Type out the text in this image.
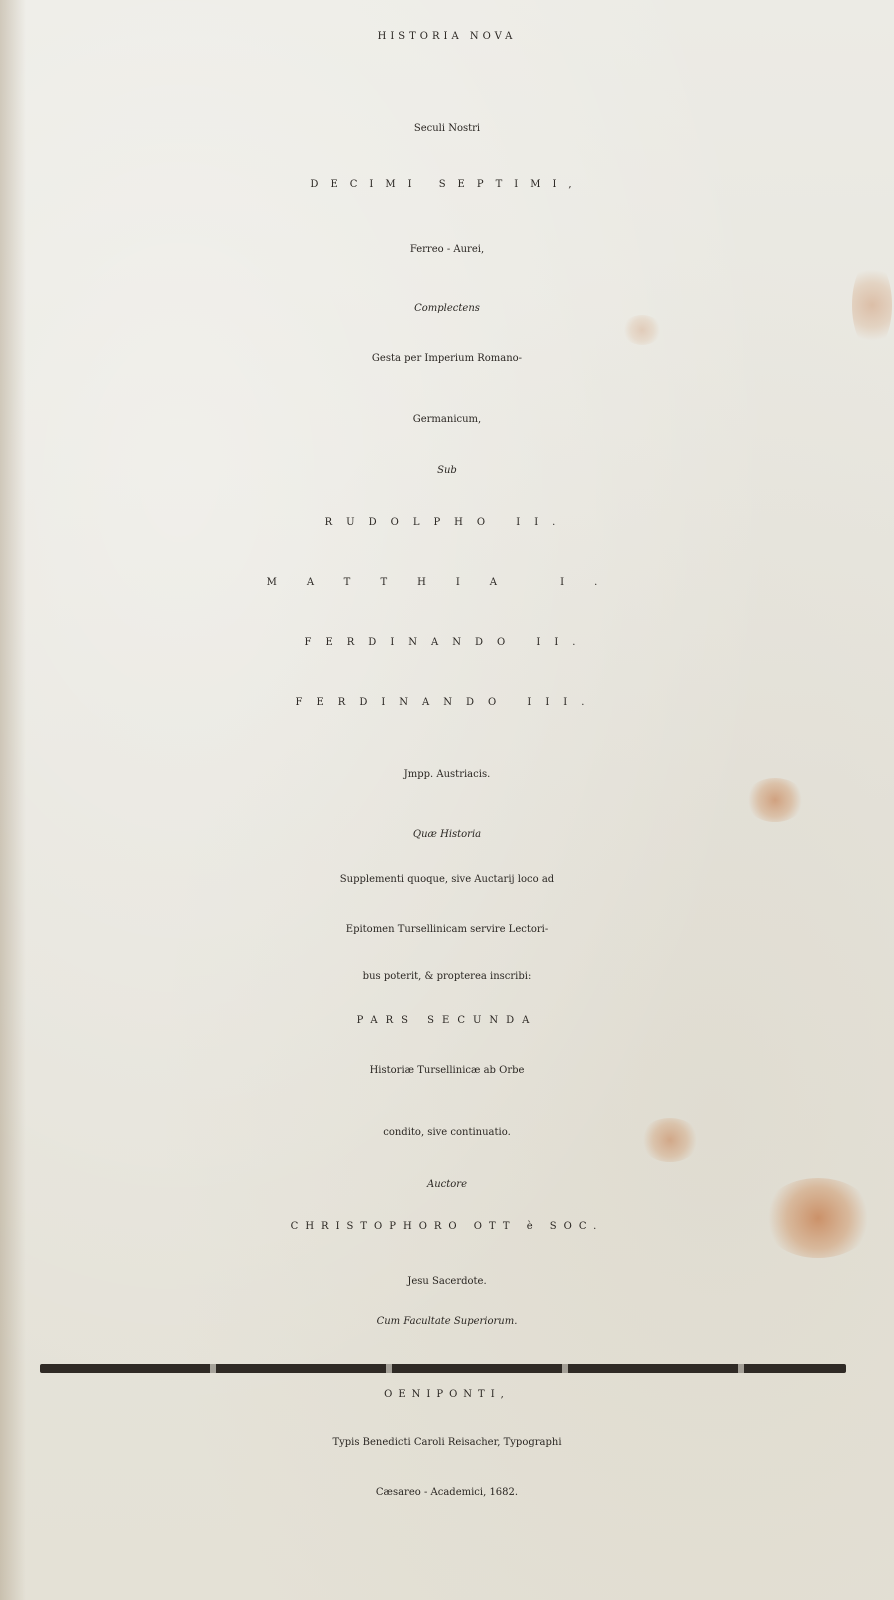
HISTORIA NOVA
Seculi Nostri
DECIMI SEPTIMI,
Ferreo - Aurei,
Complectens
Gesta per Imperium Romano-
Germanicum,
Sub
RUDOLPHO II.
MATTHIA I.
FERDINANDO II.
FERDINANDO III.
Jmpp. Austriacis.
Quæ Historia
Supplementi quoque, sive Auctarij loco ad
Epitomen Tursellinicam servire Lectori-
bus poterit, & propterea inscribi:
PARS SECUNDA
Historiæ Tursellinicæ ab Orbe
condito, sive continuatio.
Auctore
CHRISTOPHORO OTT è SOC.
Jesu Sacerdote.
Cum Facultate Superiorum.
OENIPONTI,
Typis Benedicti Caroli Reisacher, Typographi
Cæsareo - Academici, 1682.
